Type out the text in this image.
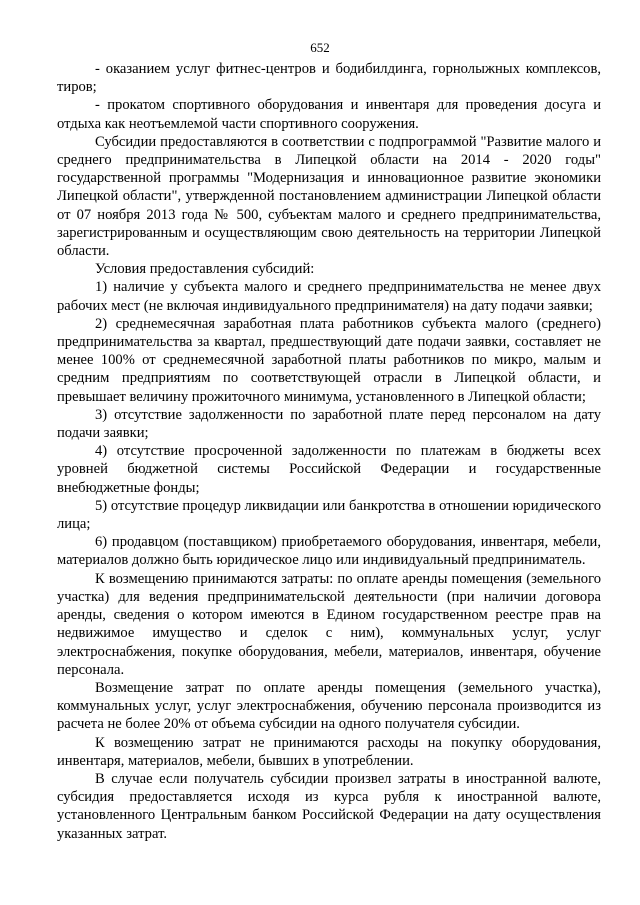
652

- оказанием услуг фитнес-центров и бодибилдинга, горнолыжных комплексов, тиров;

- прокатом спортивного оборудования и инвентаря для проведения досуга и отдыха как неотъемлемой части спортивного сооружения.

Субсидии предоставляются в соответствии с подпрограммой "Развитие малого и среднего предпринимательства в Липецкой области на 2014 - 2020 годы" государственной программы "Модернизация и инновационное развитие экономики Липецкой области", утвержденной постановлением администрации Липецкой области от 07 ноября 2013 года № 500, субъектам малого и среднего предпринимательства, зарегистрированным и осуществляющим свою деятельность на территории Липецкой области.

Условия предоставления субсидий:

1) наличие у субъекта малого и среднего предпринимательства не менее двух рабочих мест (не включая индивидуального предпринимателя) на дату подачи заявки;

2) среднемесячная заработная плата работников субъекта малого (среднего) предпринимательства за квартал, предшествующий дате подачи заявки, составляет не менее 100% от среднемесячной заработной платы работников по микро, малым и средним предприятиям по соответствующей отрасли в Липецкой области, и превышает величину прожиточного минимума, установленного в Липецкой области;

3) отсутствие задолженности по заработной плате перед персоналом на дату подачи заявки;

4) отсутствие просроченной задолженности по платежам в бюджеты всех уровней бюджетной системы Российской Федерации и государственные внебюджетные фонды;

5) отсутствие процедур ликвидации или банкротства в отношении юридического лица;

6) продавцом (поставщиком) приобретаемого оборудования, инвентаря, мебели, материалов должно быть юридическое лицо или индивидуальный предприниматель.

К возмещению принимаются затраты: по оплате аренды помещения (земельного участка) для ведения предпринимательской деятельности (при наличии договора аренды, сведения о котором имеются в Едином государственном реестре прав на недвижимое имущество и сделок с ним), коммунальных услуг, услуг электроснабжения, покупке оборудования, мебели, материалов, инвентаря, обучение персонала.

Возмещение затрат по оплате аренды помещения (земельного участка), коммунальных услуг, услуг электроснабжения, обучению персонала производится из расчета не более 20% от объема субсидии на одного получателя субсидии.

К возмещению затрат не принимаются расходы на покупку оборудования, инвентаря, материалов, мебели, бывших в употреблении.

В случае если получатель субсидии произвел затраты в иностранной валюте, субсидия предоставляется исходя из курса рубля к иностранной валюте, установленного Центральным банком Российской Федерации на дату осуществления указанных затрат.
